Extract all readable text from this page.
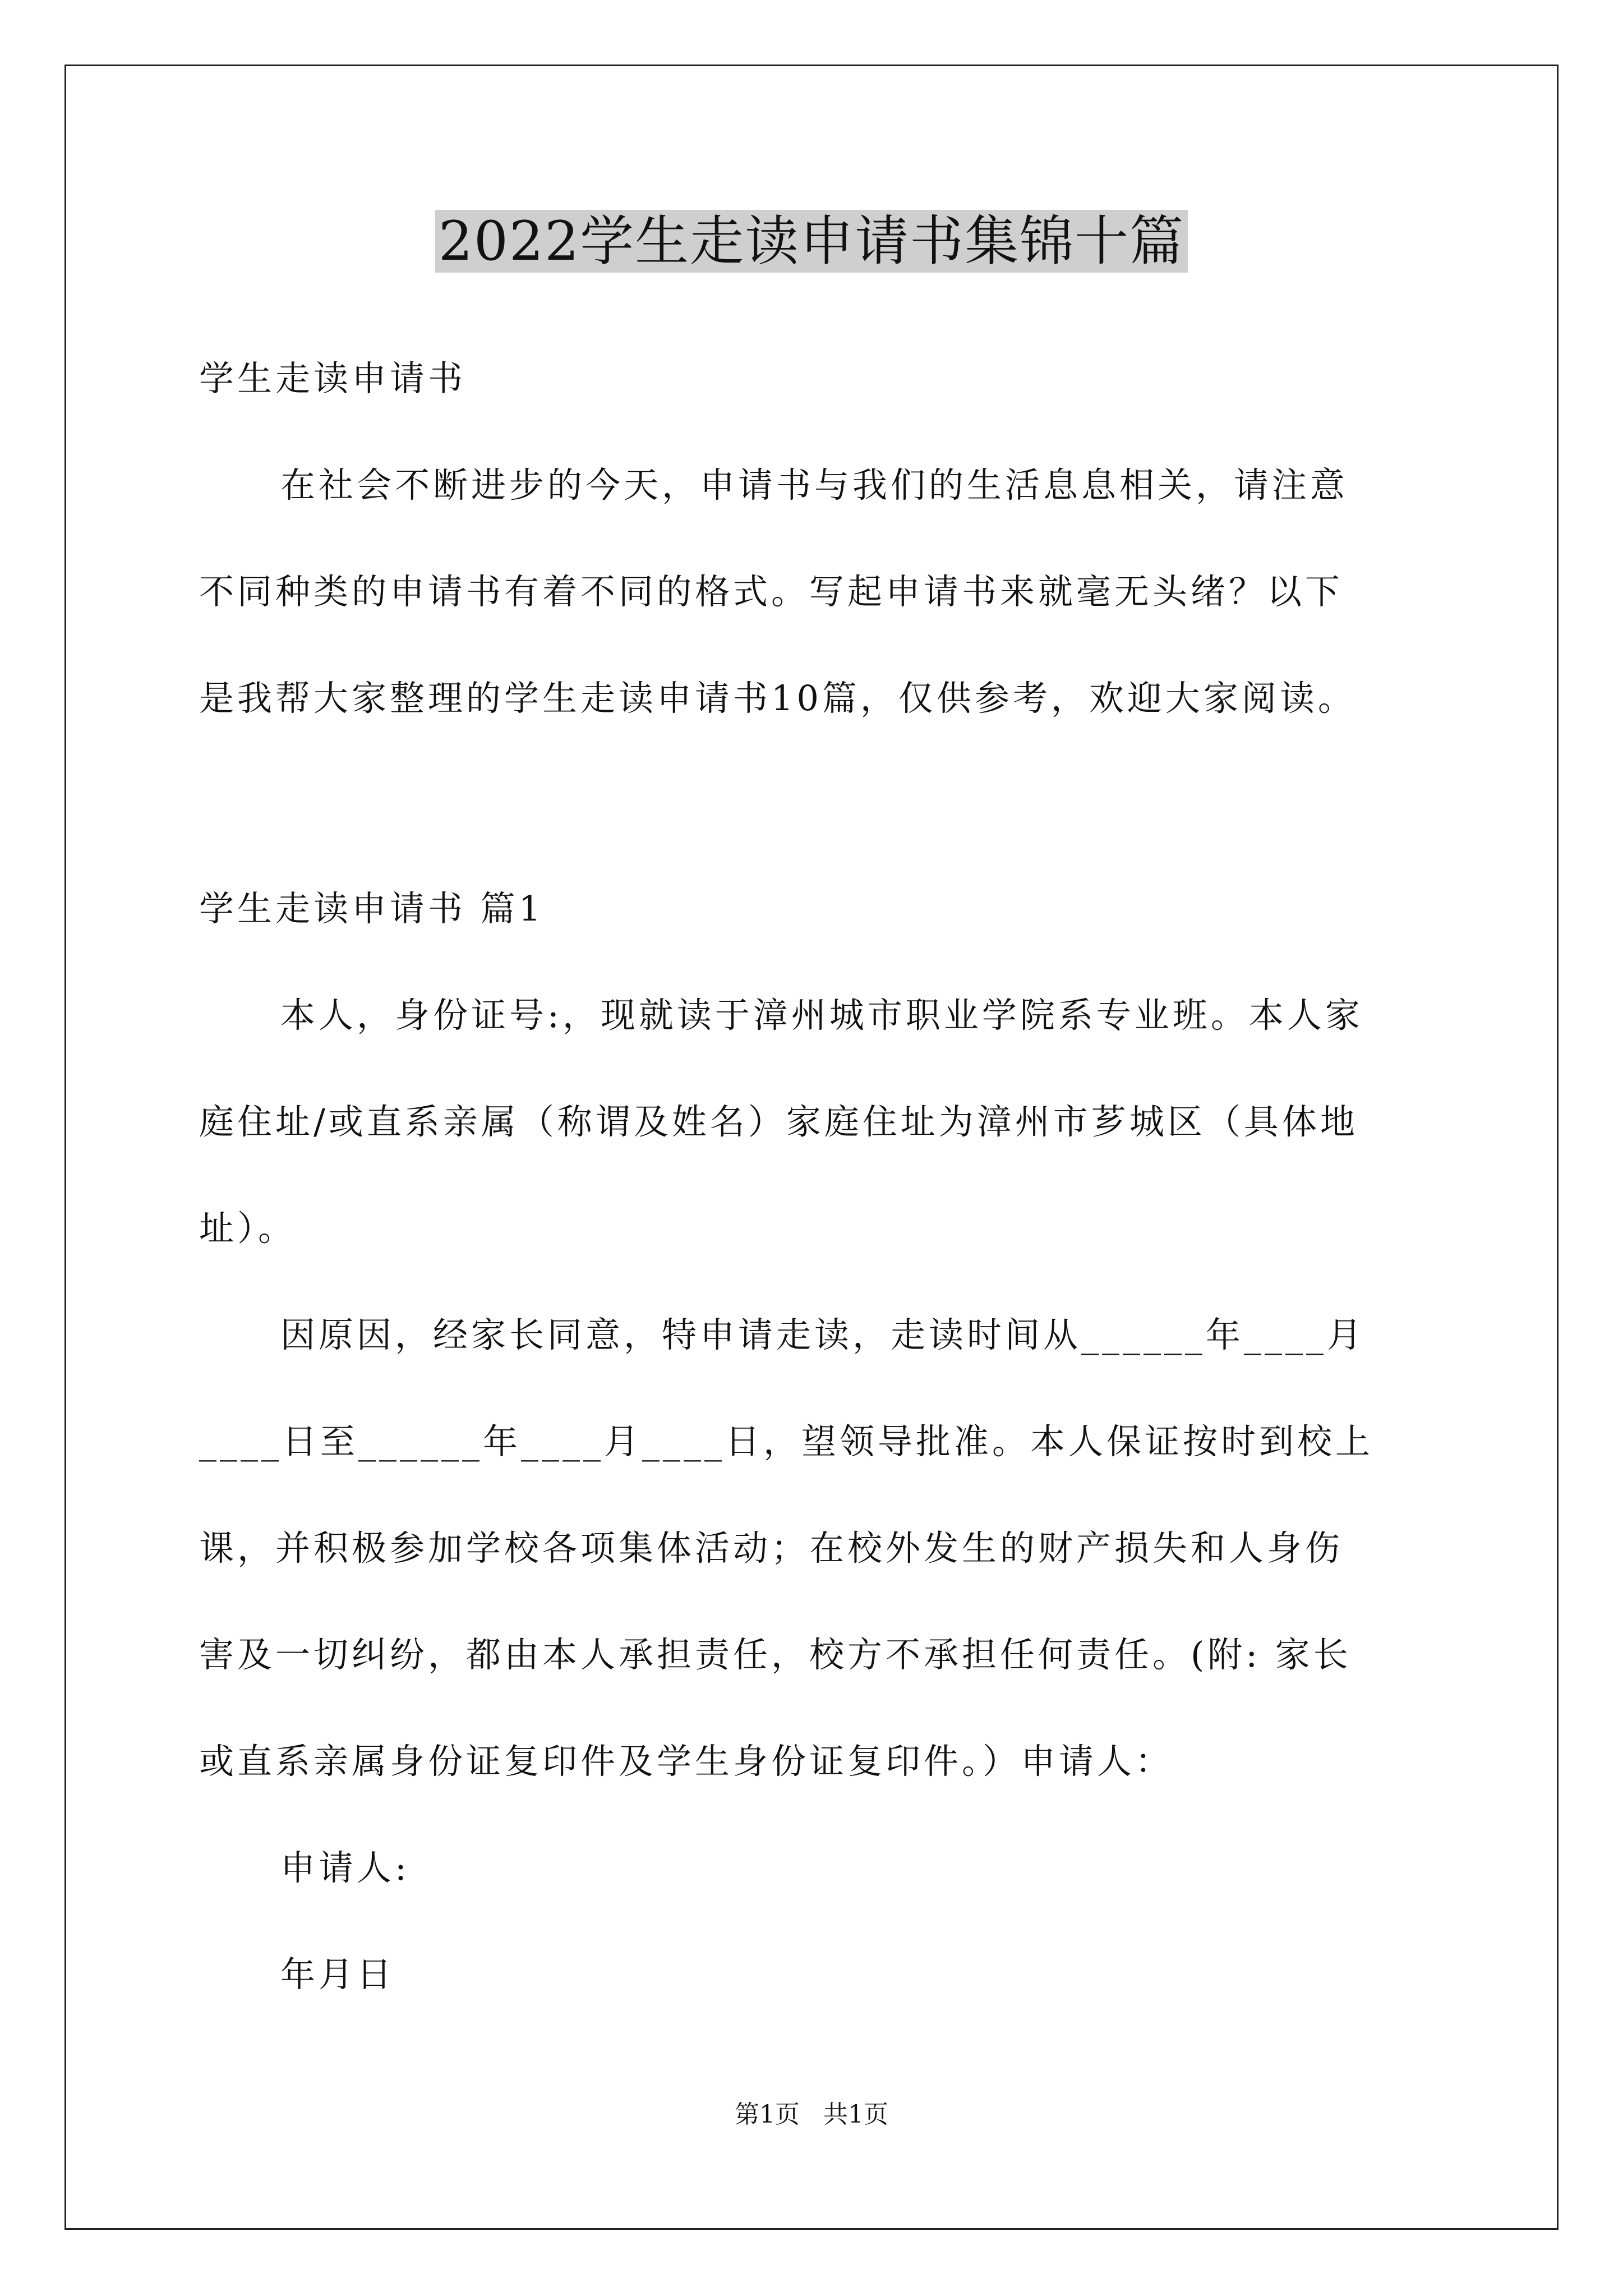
2022学生走读申请书集锦十篇
学生走读申请书
在社会不断进步的今天，申请书与我们的生活息息相关，请注意
不同种类的申请书有着不同的格式。写起申请书来就毫无头绪？以下
是我帮大家整理的学生走读申请书10篇，仅供参考，欢迎大家阅读。
学生走读申请书 篇1
本人，身份证号:，现就读于漳州城市职业学院系专业班。本人家
庭住址/或直系亲属（称谓及姓名）家庭住址为漳州市芗城区（具体地
址）。
因原因，经家长同意，特申请走读，走读时间从______年____月
____日至______年____月____日，望领导批准。本人保证按时到校上
课，并积极参加学校各项集体活动；在校外发生的财产损失和人身伤
害及一切纠纷，都由本人承担责任，校方不承担任何责任。(附: 家长
或直系亲属身份证复印件及学生身份证复印件。）申请人：
申请人:
年月日
第1页 共1页
